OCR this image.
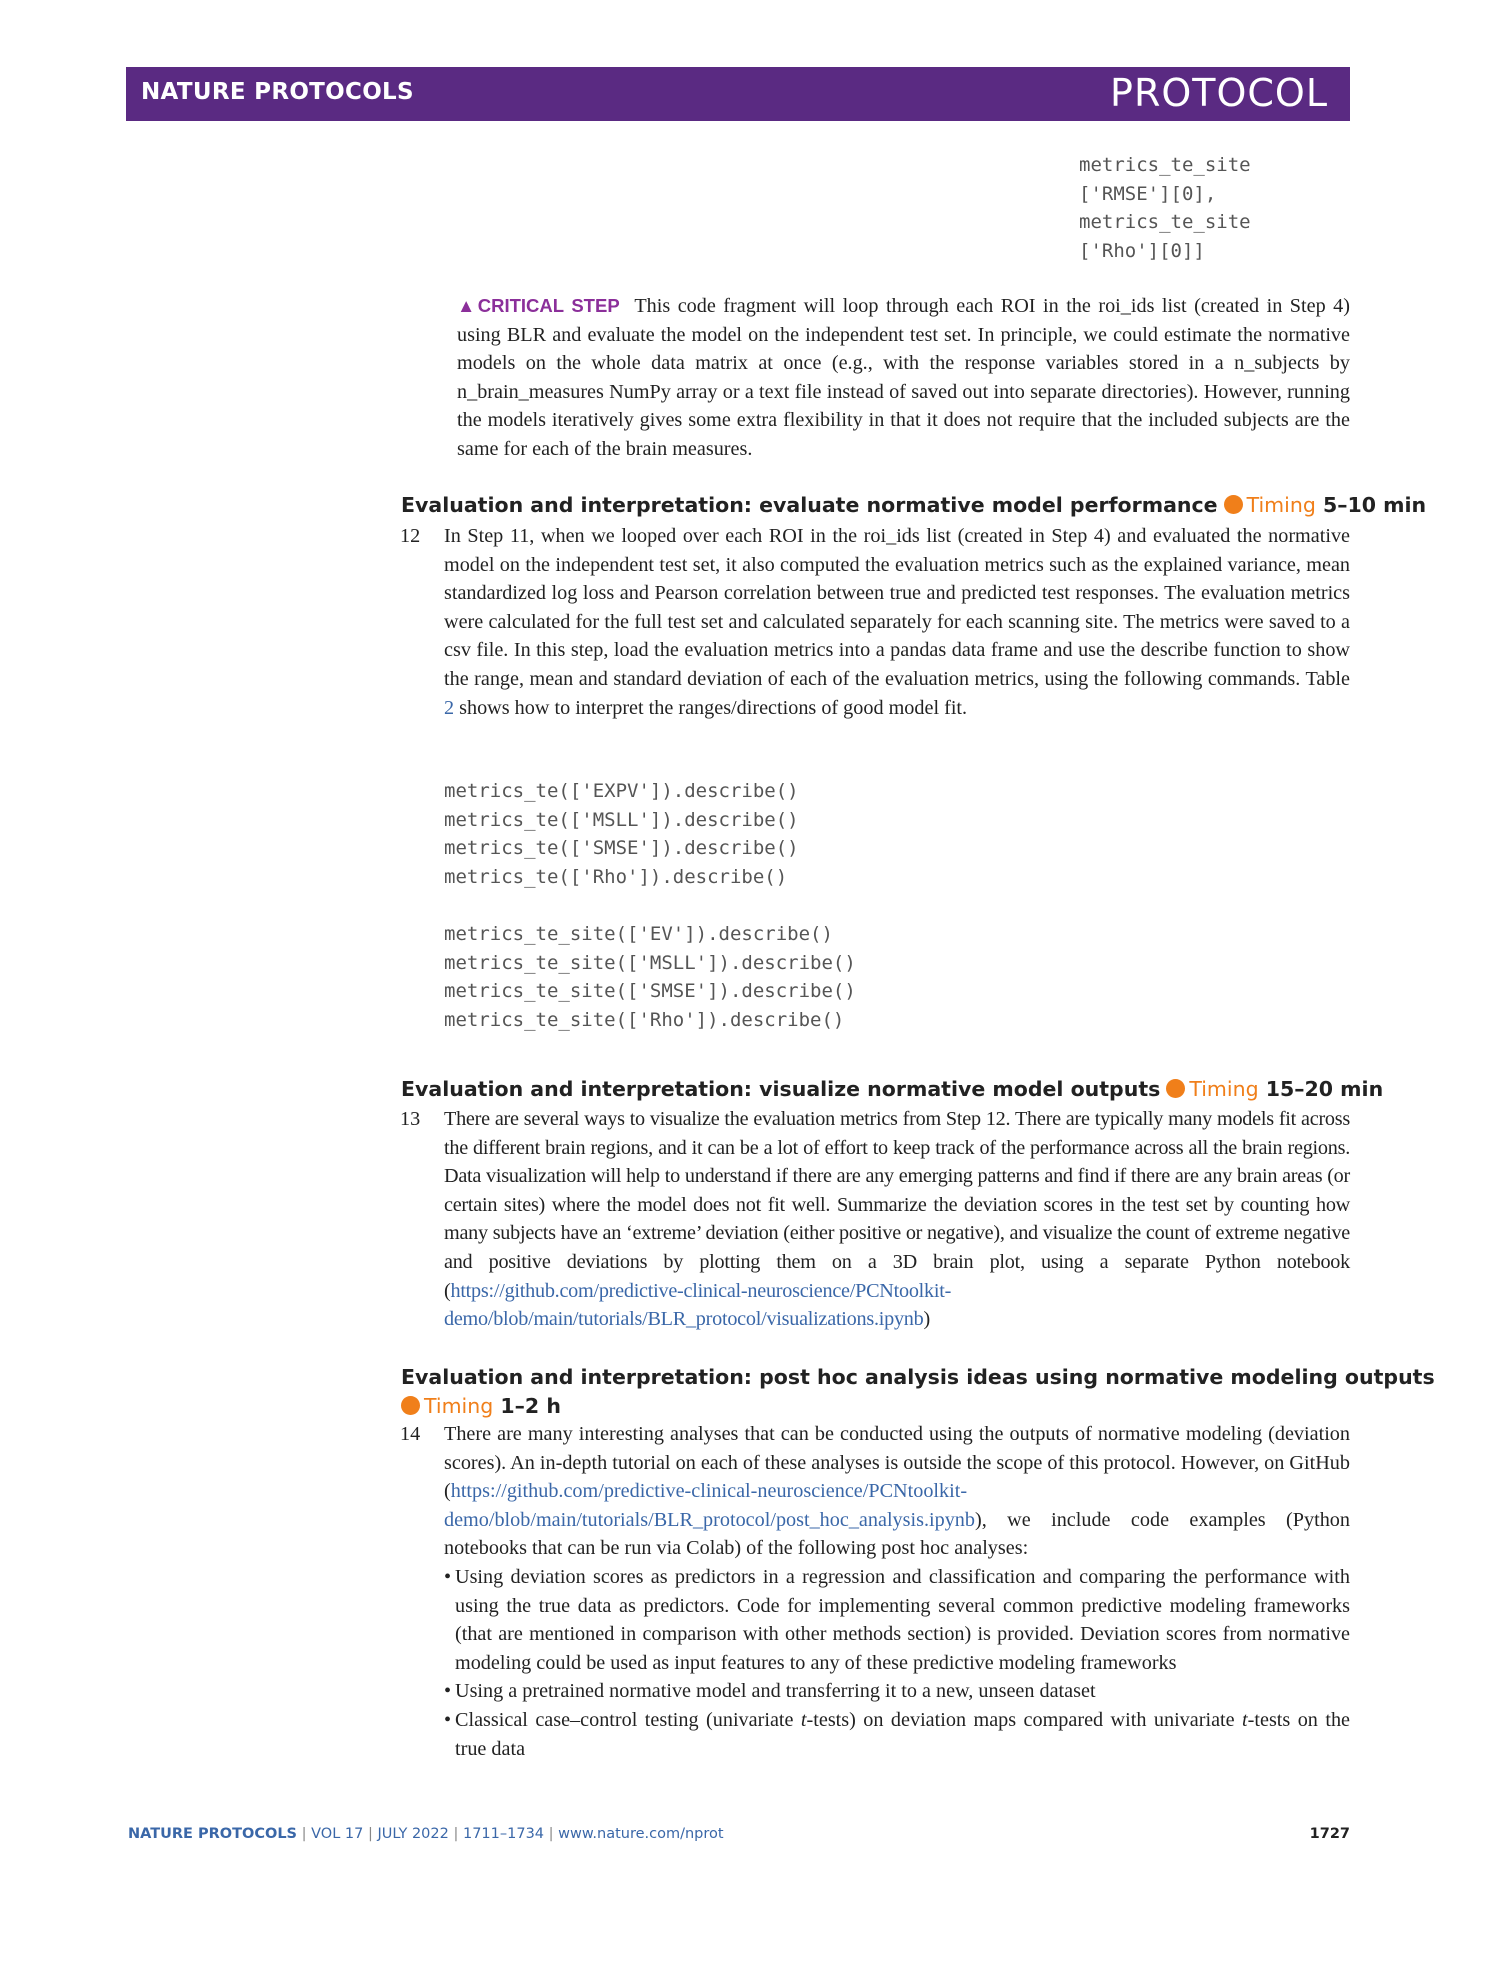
NATURE PROTOCOLS	PROTOCOL
metrics_te_site
['RMSE'][0],
metrics_te_site
['Rho'][0]]
▲CRITICAL STEP This code fragment will loop through each ROI in the roi_ids list (created in Step 4) using BLR and evaluate the model on the independent test set. In principle, we could estimate the normative models on the whole data matrix at once (e.g., with the response variables stored in a n_subjects by n_brain_measures NumPy array or a text file instead of saved out into separate directories). However, running the models iteratively gives some extra flexibility in that it does not require that the included subjects are the same for each of the brain measures.
Evaluation and interpretation: evaluate normative model performance Timing 5–10 min
12 In Step 11, when we looped over each ROI in the roi_ids list (created in Step 4) and evaluated the normative model on the independent test set, it also computed the evaluation metrics such as the explained variance, mean standardized log loss and Pearson correlation between true and predicted test responses. The evaluation metrics were calculated for the full test set and calculated separately for each scanning site. The metrics were saved to a csv file. In this step, load the evaluation metrics into a pandas data frame and use the describe function to show the range, mean and standard deviation of each of the evaluation metrics, using the following commands. Table 2 shows how to interpret the ranges/directions of good model fit.
metrics_te(['EXPV']).describe()
metrics_te(['MSLL']).describe()
metrics_te(['SMSE']).describe()
metrics_te(['Rho']).describe()
metrics_te_site(['EV']).describe()
metrics_te_site(['MSLL']).describe()
metrics_te_site(['SMSE']).describe()
metrics_te_site(['Rho']).describe()
Evaluation and interpretation: visualize normative model outputs Timing 15–20 min
13 There are several ways to visualize the evaluation metrics from Step 12. There are typically many models fit across the different brain regions, and it can be a lot of effort to keep track of the performance across all the brain regions. Data visualization will help to understand if there are any emerging patterns and find if there are any brain areas (or certain sites) where the model does not fit well. Summarize the deviation scores in the test set by counting how many subjects have an ‘extreme’ deviation (either positive or negative), and visualize the count of extreme negative and positive deviations by plotting them on a 3D brain plot, using a separate Python notebook (https://github.com/predictive-clinical-neuroscience/PCNtoolkit-demo/blob/main/tutorials/BLR_protocol/visualizations.ipynb)
Evaluation and interpretation: post hoc analysis ideas using normative modeling outputs
Timing 1–2 h
14 There are many interesting analyses that can be conducted using the outputs of normative modeling (deviation scores). An in-depth tutorial on each of these analyses is outside the scope of this protocol. However, on GitHub (https://github.com/predictive-clinical-neuroscience/PCNtoolkit-demo/blob/main/tutorials/BLR_protocol/post_hoc_analysis.ipynb), we include code examples (Python notebooks that can be run via Colab) of the following post hoc analyses:
• Using deviation scores as predictors in a regression and classification and comparing the performance with using the true data as predictors. Code for implementing several common predictive modeling frameworks (that are mentioned in comparison with other methods section) is provided. Deviation scores from normative modeling could be used as input features to any of these predictive modeling frameworks
• Using a pretrained normative model and transferring it to a new, unseen dataset
• Classical case–control testing (univariate t-tests) on deviation maps compared with univariate t-tests on the true data
NATURE PROTOCOLS | VOL 17 | JULY 2022 | 1711–1734 | www.nature.com/nprot	1727
